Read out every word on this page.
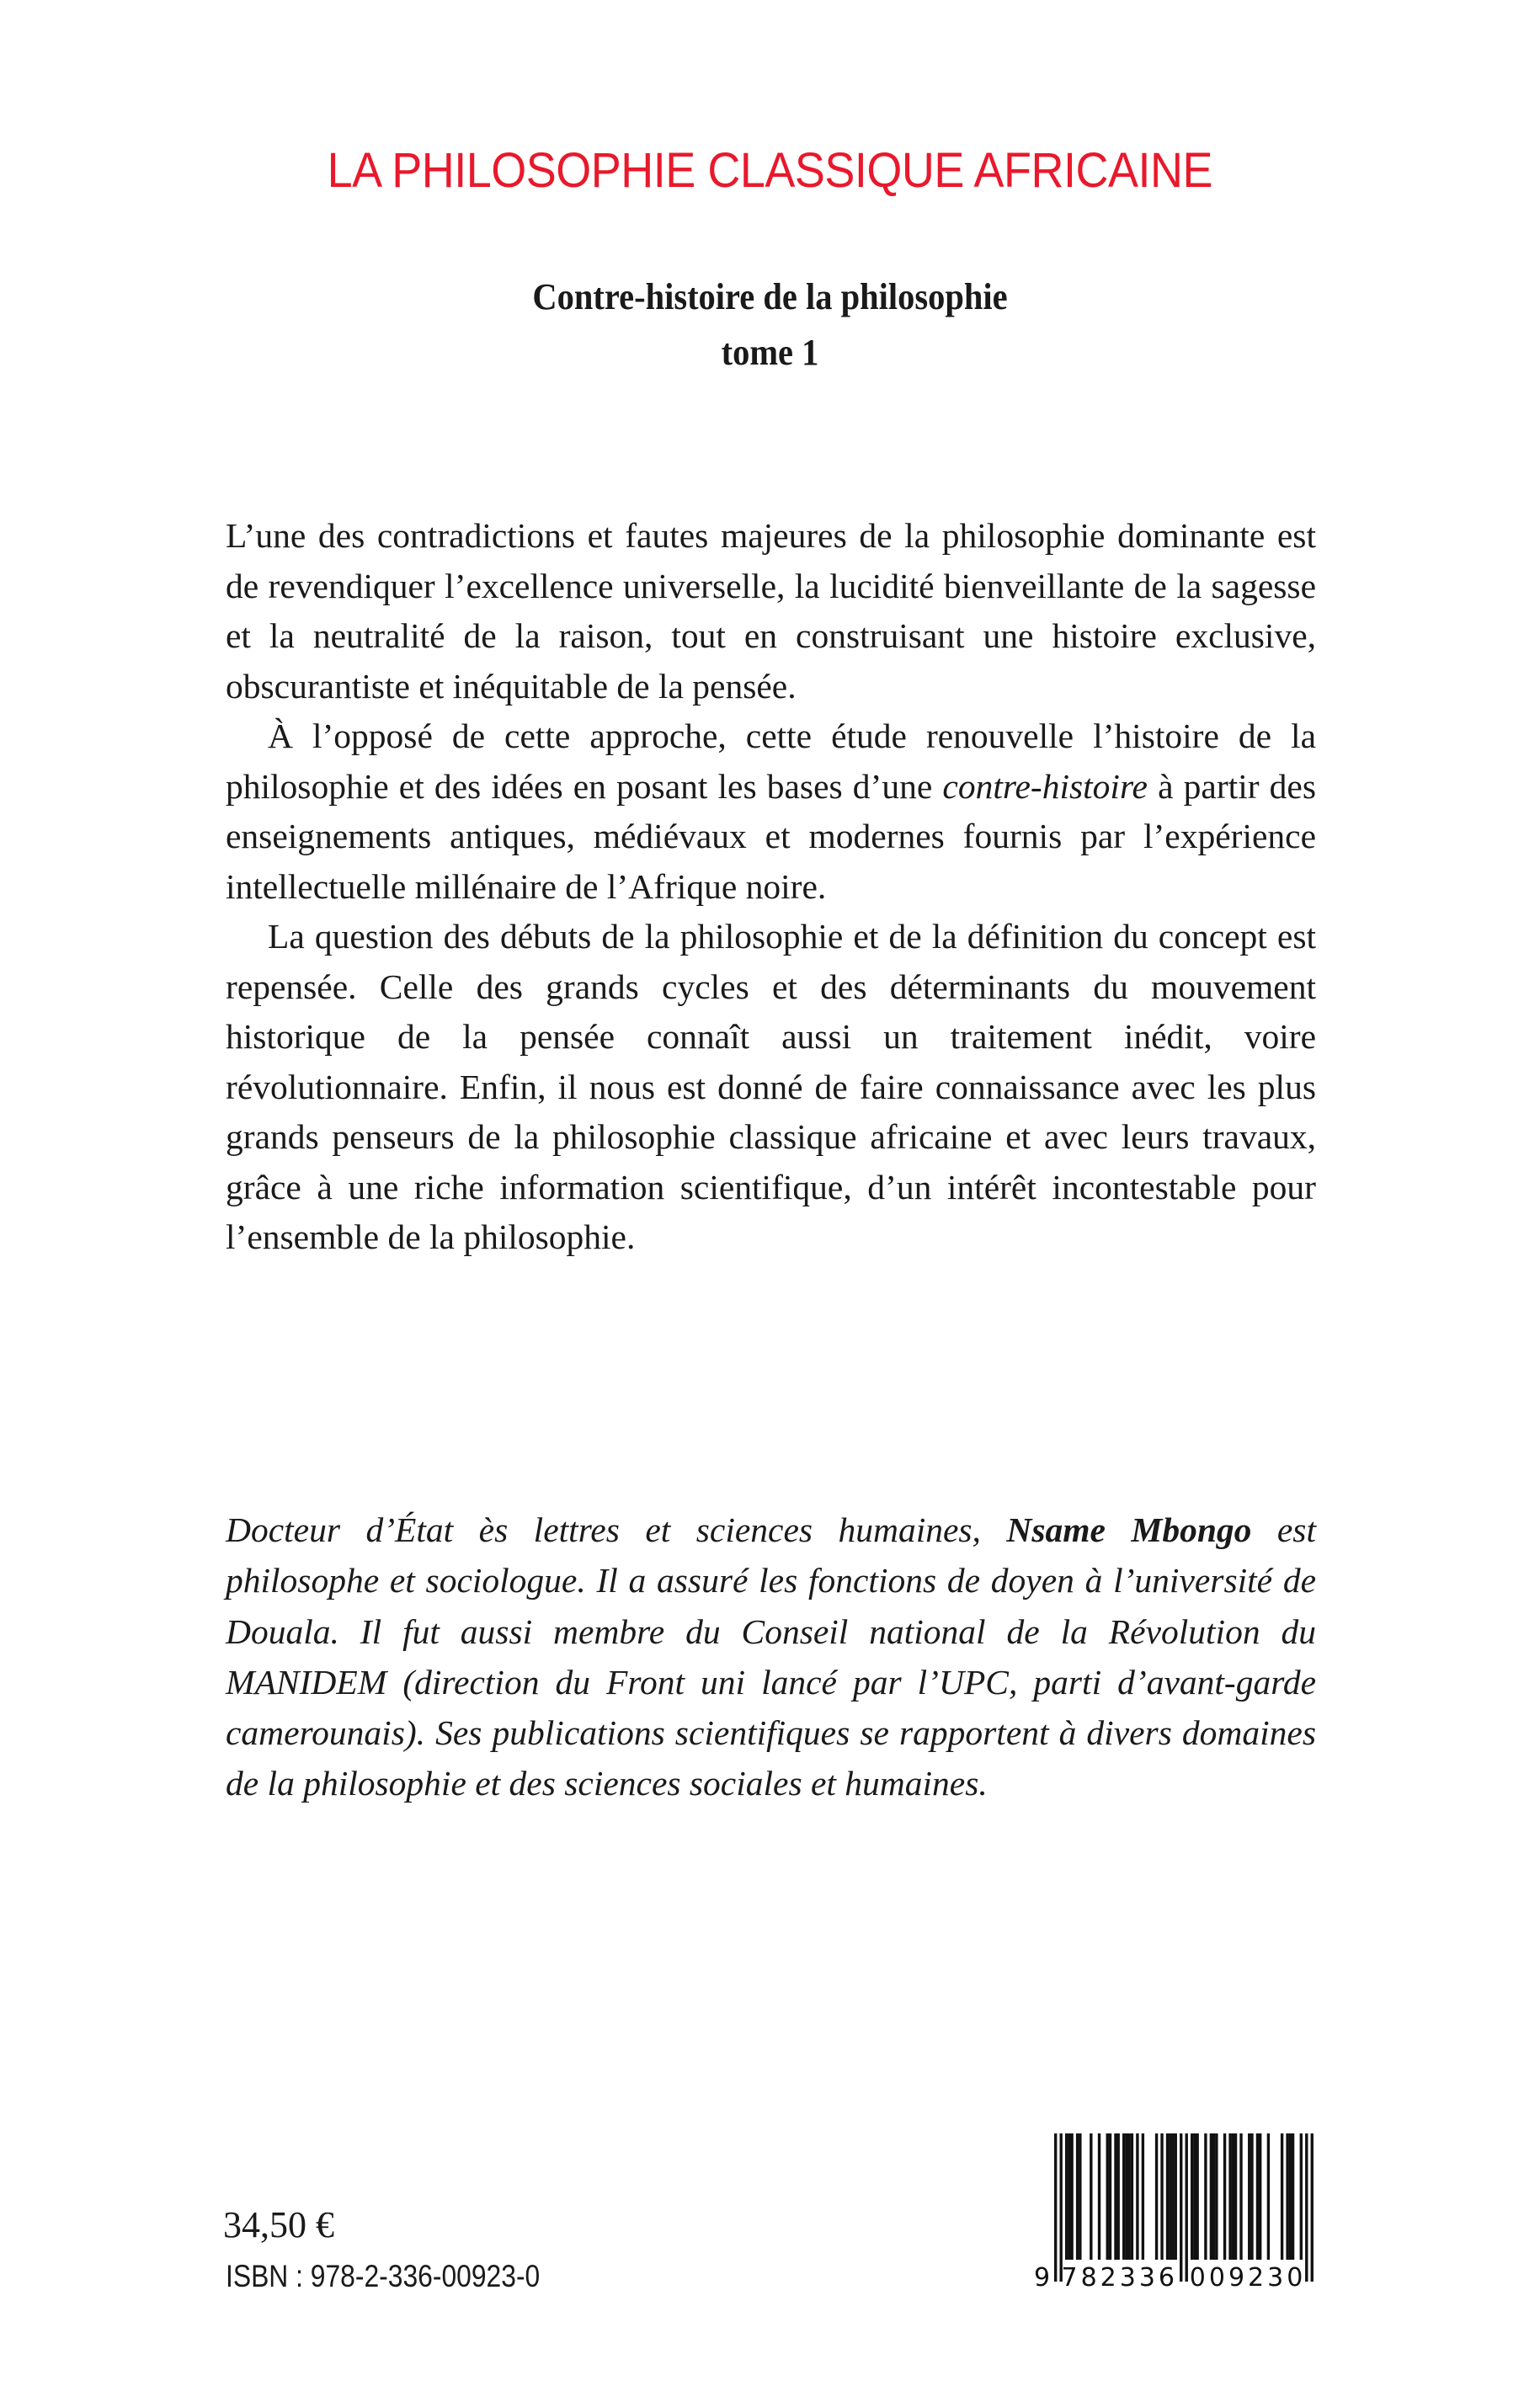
LA PHILOSOPHIE CLASSIQUE AFRICAINE
Contre-histoire de la philosophie
tome 1

L’une des contradictions et fautes majeures de la philosophie dominante est de revendiquer l’excellence universelle, la lucidité bienveillante de la sagesse et la neutralité de la raison, tout en construisant une histoire exclusive, obscurantiste et inéquitable de la pensée.

À l’opposé de cette approche, cette étude renouvelle l’histoire de la philosophie et des idées en posant les bases d’une contre-histoire à partir des enseignements antiques, médiévaux et modernes fournis par l’expérience intellectuelle millénaire de l’Afrique noire.

La question des débuts de la philosophie et de la définition du concept est repensée. Celle des grands cycles et des déterminants du mouvement historique de la pensée connaît aussi un traitement inédit, voire révolutionnaire. Enfin, il nous est donné de faire connaissance avec les plus grands penseurs de la philosophie classique africaine et avec leurs travaux, grâce à une riche information scientifique, d’un intérêt incontestable pour l’ensemble de la philosophie.

Docteur d’État ès lettres et sciences humaines, Nsame Mbongo est philosophe et sociologue. Il a assuré les fonctions de doyen à l’université de Douala. Il fut aussi membre du Conseil national de la Révolution du MANIDEM (direction du Front uni lancé par l’UPC, parti d’avant-garde camerounais). Ses publications scientifiques se rapportent à divers domaines de la philosophie et des sciences sociales et humaines.

34,50 €
ISBN : 978-2-336-00923-0	9 782336 009230
